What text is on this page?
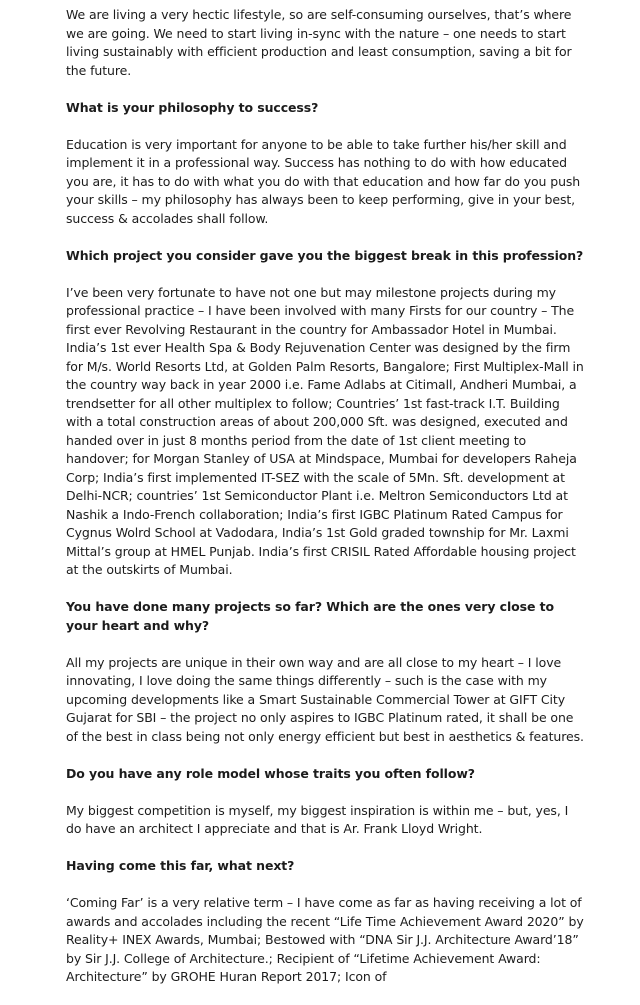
We are living a very hectic lifestyle, so are self-consuming ourselves, that’s where we are going. We need to start living in-sync with the nature – one needs to start living sustainably with efficient production and least consumption, saving a bit for the future.

What is your philosophy to success?

Education is very important for anyone to be able to take further his/her skill and implement it in a professional way. Success has nothing to do with how educated you are, it has to do with what you do with that education and how far do you push your skills – my philosophy has always been to keep performing, give in your best, success & accolades shall follow.

Which project you consider gave you the biggest break in this profession?

I’ve been very fortunate to have not one but may milestone projects during my professional practice – I have been involved with many Firsts for our country – The first ever Revolving Restaurant in the country for Ambassador Hotel in Mumbai. India’s 1st ever Health Spa & Body Rejuvenation Center was designed by the firm for M/s. World Resorts Ltd, at Golden Palm Resorts, Bangalore; First Multiplex-Mall in the country way back in year 2000 i.e. Fame Adlabs at Citimall, Andheri Mumbai, a trendsetter for all other multiplex to follow; Countries’ 1st fast-track I.T. Building with a total construction areas of about 200,000 Sft. was designed, executed and handed over in just 8 months period from the date of 1st client meeting to handover; for Morgan Stanley of USA at Mindspace, Mumbai for developers Raheja Corp; India’s first implemented IT-SEZ with the scale of 5Mn. Sft. development at Delhi-NCR; countries’ 1st Semiconductor Plant i.e. Meltron Semiconductors Ltd at Nashik a Indo-French collaboration; India’s first IGBC Platinum Rated Campus for Cygnus Wolrd School at Vadodara, India’s 1st Gold graded township for Mr. Laxmi Mittal’s group at HMEL Punjab. India’s first CRISIL Rated Affordable housing project at the outskirts of Mumbai.

You have done many projects so far? Which are the ones very close to your heart and why?

All my projects are unique in their own way and are all close to my heart – I love innovating, I love doing the same things differently – such is the case with my upcoming developments like a Smart Sustainable Commercial Tower at GIFT City Gujarat for SBI – the project no only aspires to IGBC Platinum rated, it shall be one of the best in class being not only energy efficient but best in aesthetics & features.

Do you have any role model whose traits you often follow?

My biggest competition is myself, my biggest inspiration is within me – but, yes, I do have an architect I appreciate and that is Ar. Frank Lloyd Wright.

Having come this far, what next?

‘Coming Far’ is a very relative term – I have come as far as having receiving a lot of awards and accolades including the recent “Life Time Achievement Award 2020” by Reality+ INEX Awards, Mumbai; Bestowed with “DNA Sir J.J. Architecture Award’18” by Sir J.J. College of Architecture.; Recipient of “Lifetime Achievement Award: Architecture” by GROHE Huran Report 2017; Icon of
